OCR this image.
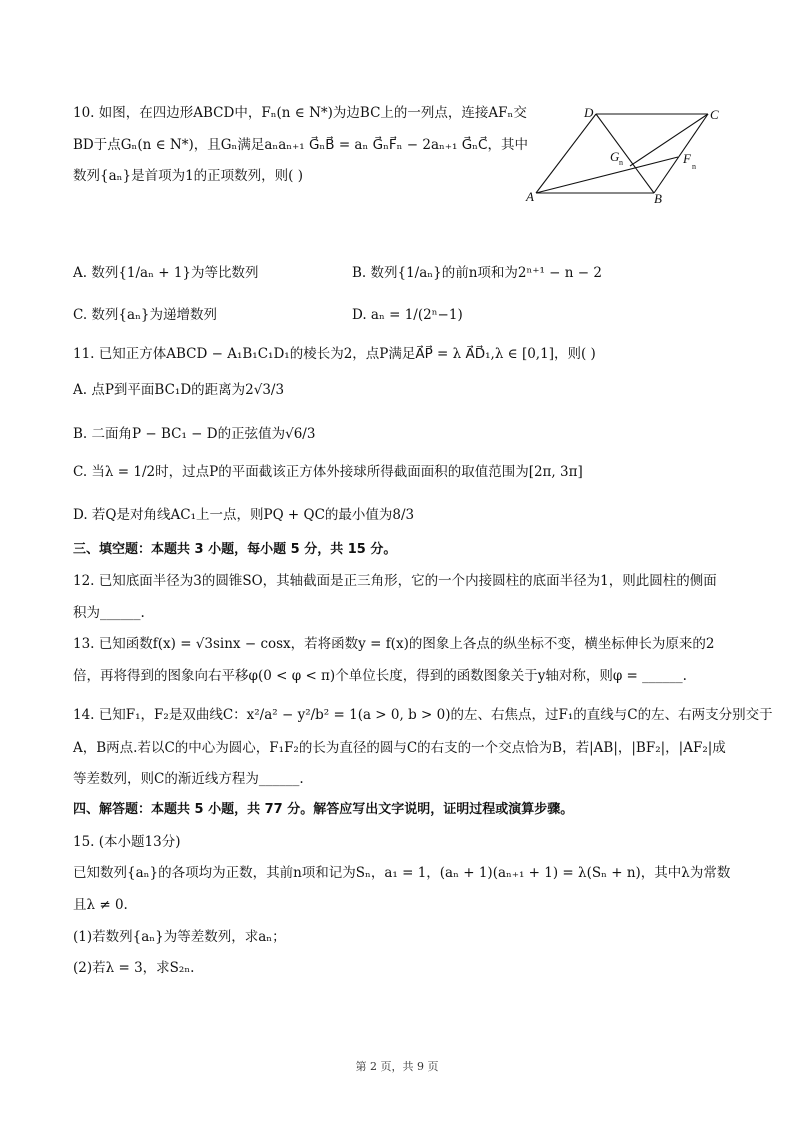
10. 如图，在四边形ABCD中，Fₙ(n ∈ N*)为边BC上的一列点，连接AFₙ交
BD于点Gₙ(n ∈ N*)，且Gₙ满足aₙaₙ₊₁ G⃗ₙB⃗ = aₙ G⃗ₙF⃗ₙ − 2aₙ₊₁ G⃗ₙC⃗，其中
数列{aₙ}是首项为1的正项数列，则( )
D	C
A	B
G n	F
n
A. 数列{1/aₙ + 1}为等比数列	B. 数列{1/aₙ}的前n项和为2ⁿ⁺¹ − n − 2
C. 数列{aₙ}为递增数列	D. aₙ = 1/(2ⁿ−1)
11. 已知正方体ABCD − A₁B₁C₁D₁的棱长为2，点P满足A⃗P⃗ = λ A⃗D⃗₁,λ ∈ [0,1]，则( )
A. 点P到平面BC₁D的距离为2√3/3
B. 二面角P − BC₁ − D的正弦值为√6/3
C. 当λ = 1/2时，过点P的平面截该正方体外接球所得截面面积的取值范围为[2π, 3π]
D. 若Q是对角线AC₁上一点，则PQ + QC的最小值为8/3
三、填空题：本题共 3 小题，每小题 5 分，共 15 分。
12. 已知底面半径为3的圆锥SO，其轴截面是正三角形，它的一个内接圆柱的底面半径为1，则此圆柱的侧面
积为______.
13. 已知函数f(x) = √3sinx − cosx，若将函数y = f(x)的图象上各点的纵坐标不变，横坐标伸长为原来的2
倍，再将得到的图象向右平移φ(0 < φ < π)个单位长度，得到的函数图象关于y轴对称，则φ = ______.
14. 已知F₁，F₂是双曲线C：x²/a² − y²/b² = 1(a > 0, b > 0)的左、右焦点，过F₁的直线与C的左、右两支分别交于
A，B两点.若以C的中心为圆心，F₁F₂的长为直径的圆与C的右支的一个交点恰为B，若|AB|，|BF₂|，|AF₂|成
等差数列，则C的渐近线方程为______.
四、解答题：本题共 5 小题，共 77 分。解答应写出文字说明，证明过程或演算步骤。
15. (本小题13分)
已知数列{aₙ}的各项均为正数，其前n项和记为Sₙ，a₁ = 1，(aₙ + 1)(aₙ₊₁ + 1) = λ(Sₙ + n)，其中λ为常数
且λ ≠ 0.
(1)若数列{aₙ}为等差数列，求aₙ；
(2)若λ = 3，求S₂ₙ.
第 2 页，共 9 页
